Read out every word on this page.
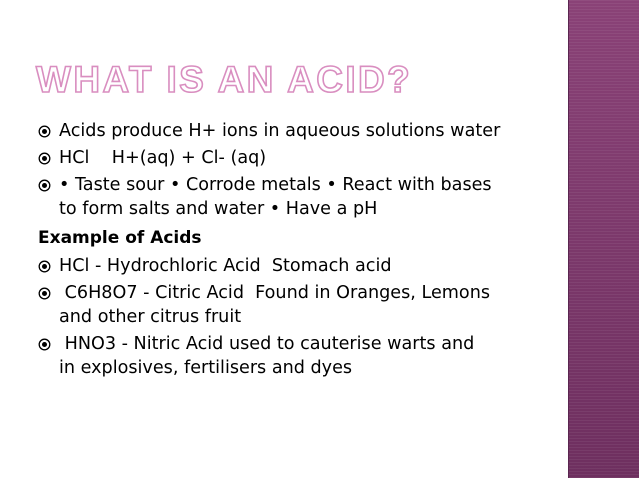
WHAT IS AN ACID?
Acids produce H+ ions in aqueous solutions water
HCl    H+(aq) + Cl- (aq)
• Taste sour • Corrode metals • React with bases
to form salts and water • Have a pH
Example of Acids
HCl - Hydrochloric Acid  Stomach acid
C6H8O7 - Citric Acid  Found in Oranges, Lemons
and other citrus fruit
HNO3 - Nitric Acid used to cauterise warts and
in explosives, fertilisers and dyes
